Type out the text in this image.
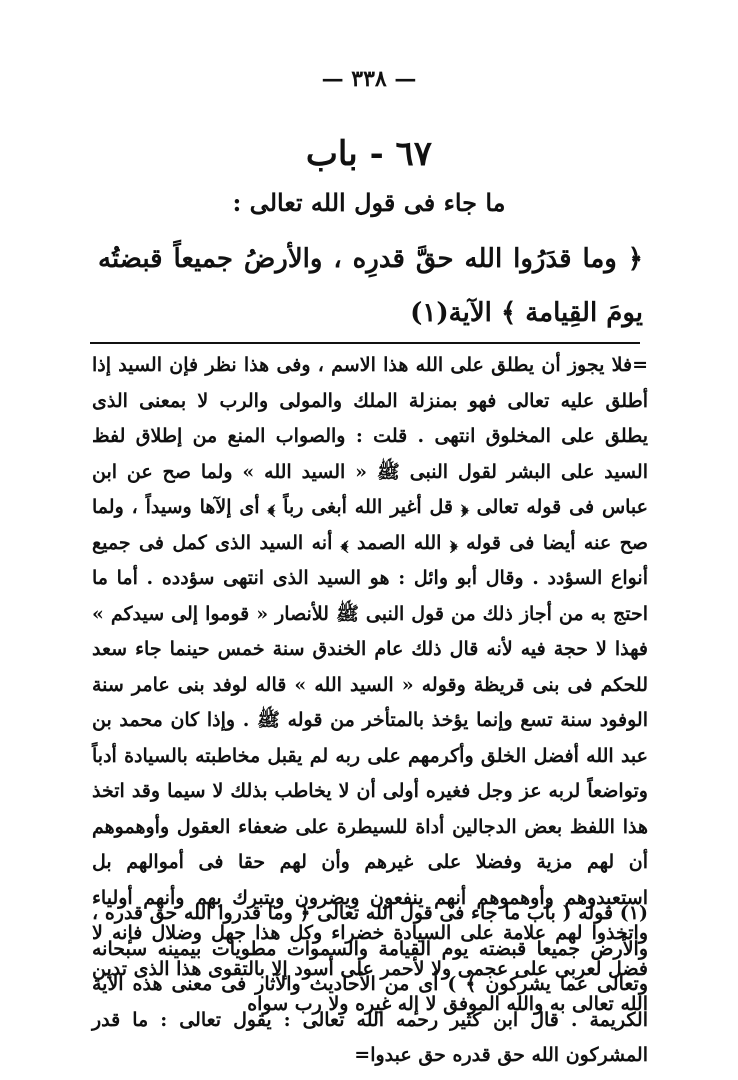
— ٣٣٨ —
٦٧ - باب
ما جاء فى قول الله تعالى :
﴿ وما قدَرُوا الله حقَّ قدرِه ، والأرضُ جميعاً قبضتُه يومَ القِيامة ﴾ الآية(١)

=فلا يجوز أن يطلق على الله هذا الاسم ، وفى هذا نظر فإن السيد إذا أطلق عليه تعالى فهو بمنزلة الملك والمولى والرب لا بمعنى الذى يطلق على المخلوق انتهى . قلت : والصواب المنع من إطلاق لفظ السيد على البشر لقول النبى ﷺ « السيد الله » ولما صح عن ابن عباس فى قوله تعالى ﴿ قل أغير الله أبغى رباً ﴾ أى إلآها وسيداً ، ولما صح عنه أيضا فى قوله ﴿ الله الصمد ﴾ أنه السيد الذى كمل فى جميع أنواع السؤدد . وقال أبو وائل : هو السيد الذى انتهى سؤدده . أما ما احتج به من أجاز ذلك من قول النبى ﷺ للأنصار « قوموا إلى سيدكم » فهذا لا حجة فيه لأنه قال ذلك عام الخندق سنة خمس حينما جاء سعد للحكم فى بنى قريظة وقوله « السيد الله » قاله لوفد بنى عامر سنة الوفود سنة تسع وإنما يؤخذ بالمتأخر من قوله ﷺ . وإذا كان محمد بن عبد الله أفضل الخلق وأكرمهم على ربه لم يقبل مخاطبته بالسيادة أدباً وتواضعاً لربه عز وجل فغيره أولى أن لا يخاطب بذلك لا سيما وقد اتخذ هذا اللفظ بعض الدجالين أداة للسيطرة على ضعفاء العقول وأوهموهم أن لهم مزية وفضلا على غيرهم وأن لهم حقا فى أموالهم بل استعبدوهم وأوهموهم أنهم ينفعون ويضرون ويتبرك بهم وأنهم أولياء واتخذوا لهم علامة على السيادة خضراء وكل هذا جهل وضلال فإنه لا فضل لعربى على عجمى ولا لأحمر على أسود إلا بالتقوى هذا الذى تدين الله تعالى به والله الموفق لا إله غيره ولا رب سواه

(١) قوله ( باب ما جاء فى قول الله تعالى ﴿ وما قدروا الله حق قدره ، والأرض جميعا قبضته يوم القيامة والسموات مطويات بيمينه سبحانه وتعالى عما يشركون ﴾ ) أى من الأحاديث والآثار فى معنى هذه الآية الكريمة . قال ابن كثير رحمه الله تعالى : يقول تعالى : ما قدر المشركون الله حق قدره حق عبدوا=
